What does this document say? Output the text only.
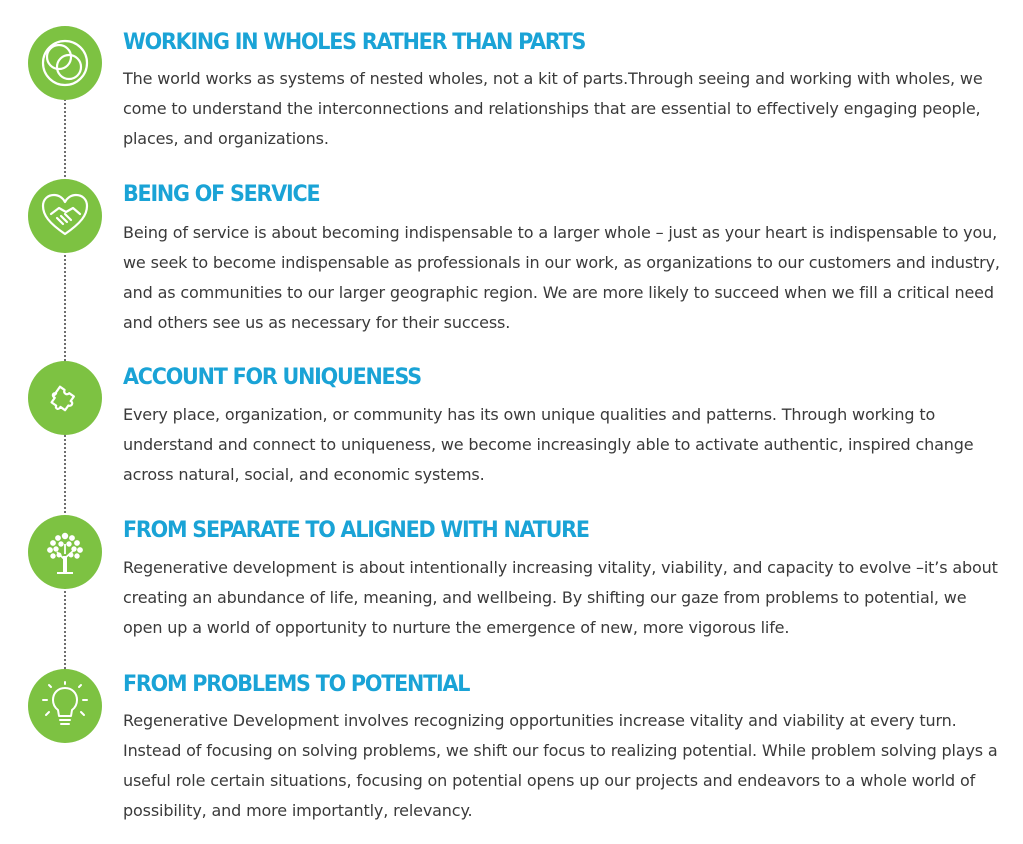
WORKING IN WHOLES RATHER THAN PARTS

The world works as systems of nested wholes, not a kit of parts.Through seeing and working with wholes, we come to understand the interconnections and relationships that are essential to effectively engaging people, places, and organizations.

BEING OF SERVICE

Being of service is about becoming indispensable to a larger whole – just as your heart is indispensable to you, we seek to become indispensable as professionals in our work, as organizations to our customers and industry, and as communities to our larger geographic region. We are more likely to succeed when we fill a critical need and others see us as necessary for their success.

ACCOUNT FOR UNIQUENESS

Every place, organization, or community has its own unique qualities and patterns. Through working to understand and connect to uniqueness, we become increasingly able to activate authentic, inspired change across natural, social, and economic systems.

FROM SEPARATE TO ALIGNED WITH NATURE

Regenerative development is about intentionally increasing vitality, viability, and capacity to evolve –it’s about creating an abundance of life, meaning, and wellbeing. By shifting our gaze from problems to potential, we open up a world of opportunity to nurture the emergence of new, more vigorous life.

FROM PROBLEMS TO POTENTIAL

Regenerative Development involves recognizing opportunities increase vitality and viability at every turn. Instead of focusing on solving problems, we shift our focus to realizing potential. While problem solving plays a useful role certain situations, focusing on potential opens up our projects and endeavors to a whole world of possibility, and more importantly, relevancy.
